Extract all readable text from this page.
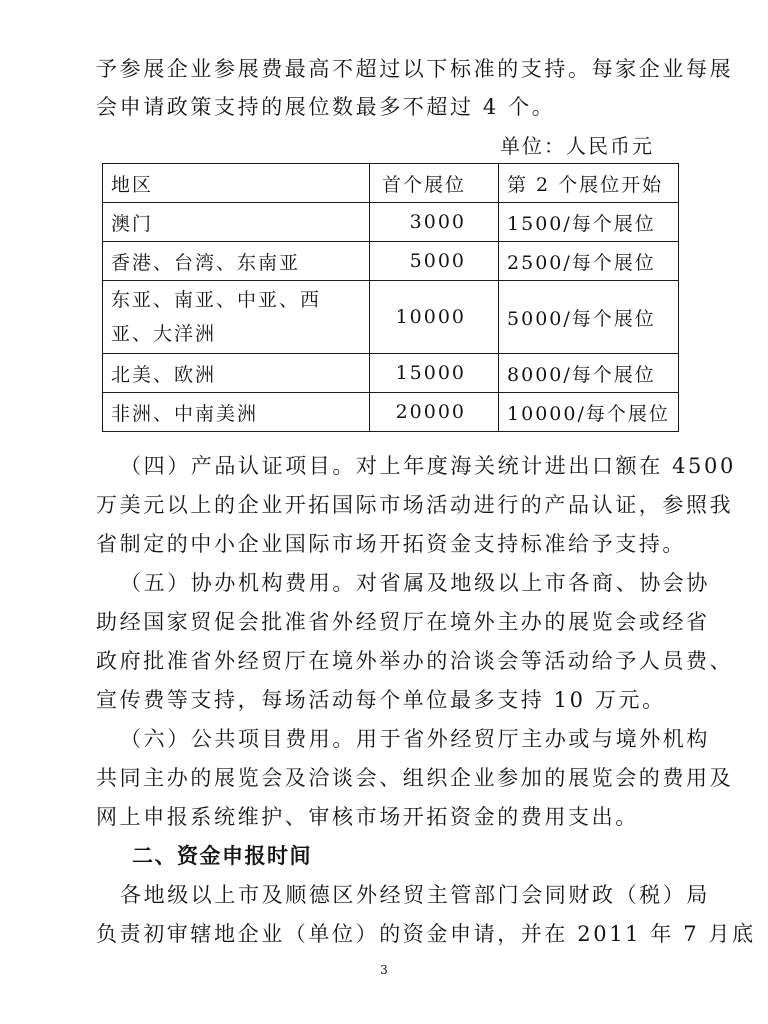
予参展企业参展费最高不超过以下标准的支持。每家企业每展
会申请政策支持的展位数最多不超过 4 个。
单位：人民币元
地区	首个展位	第 2 个展位开始
澳门	3000	1500/每个展位
香港、台湾、东南亚	5000	2500/每个展位

东亚、南亚、中亚、西亚、大洋洲	10000	5000/每个展位
北美、欧洲	15000	8000/每个展位
非洲、中南美洲	20000	10000/每个展位
（四）产品认证项目。对上年度海关统计进出口额在 4500
万美元以上的企业开拓国际市场活动进行的产品认证，参照我
省制定的中小企业国际市场开拓资金支持标准给予支持。
（五）协办机构费用。对省属及地级以上市各商、协会协
助经国家贸促会批准省外经贸厅在境外主办的展览会或经省
政府批准省外经贸厅在境外举办的洽谈会等活动给予人员费、
宣传费等支持，每场活动每个单位最多支持 10 万元。
（六）公共项目费用。用于省外经贸厅主办或与境外机构
共同主办的展览会及洽谈会、组织企业参加的展览会的费用及
网上申报系统维护、审核市场开拓资金的费用支出。
二、资金申报时间
各地级以上市及顺德区外经贸主管部门会同财政（税）局
负责初审辖地企业（单位）的资金申请，并在 2011 年 7 月底
3
